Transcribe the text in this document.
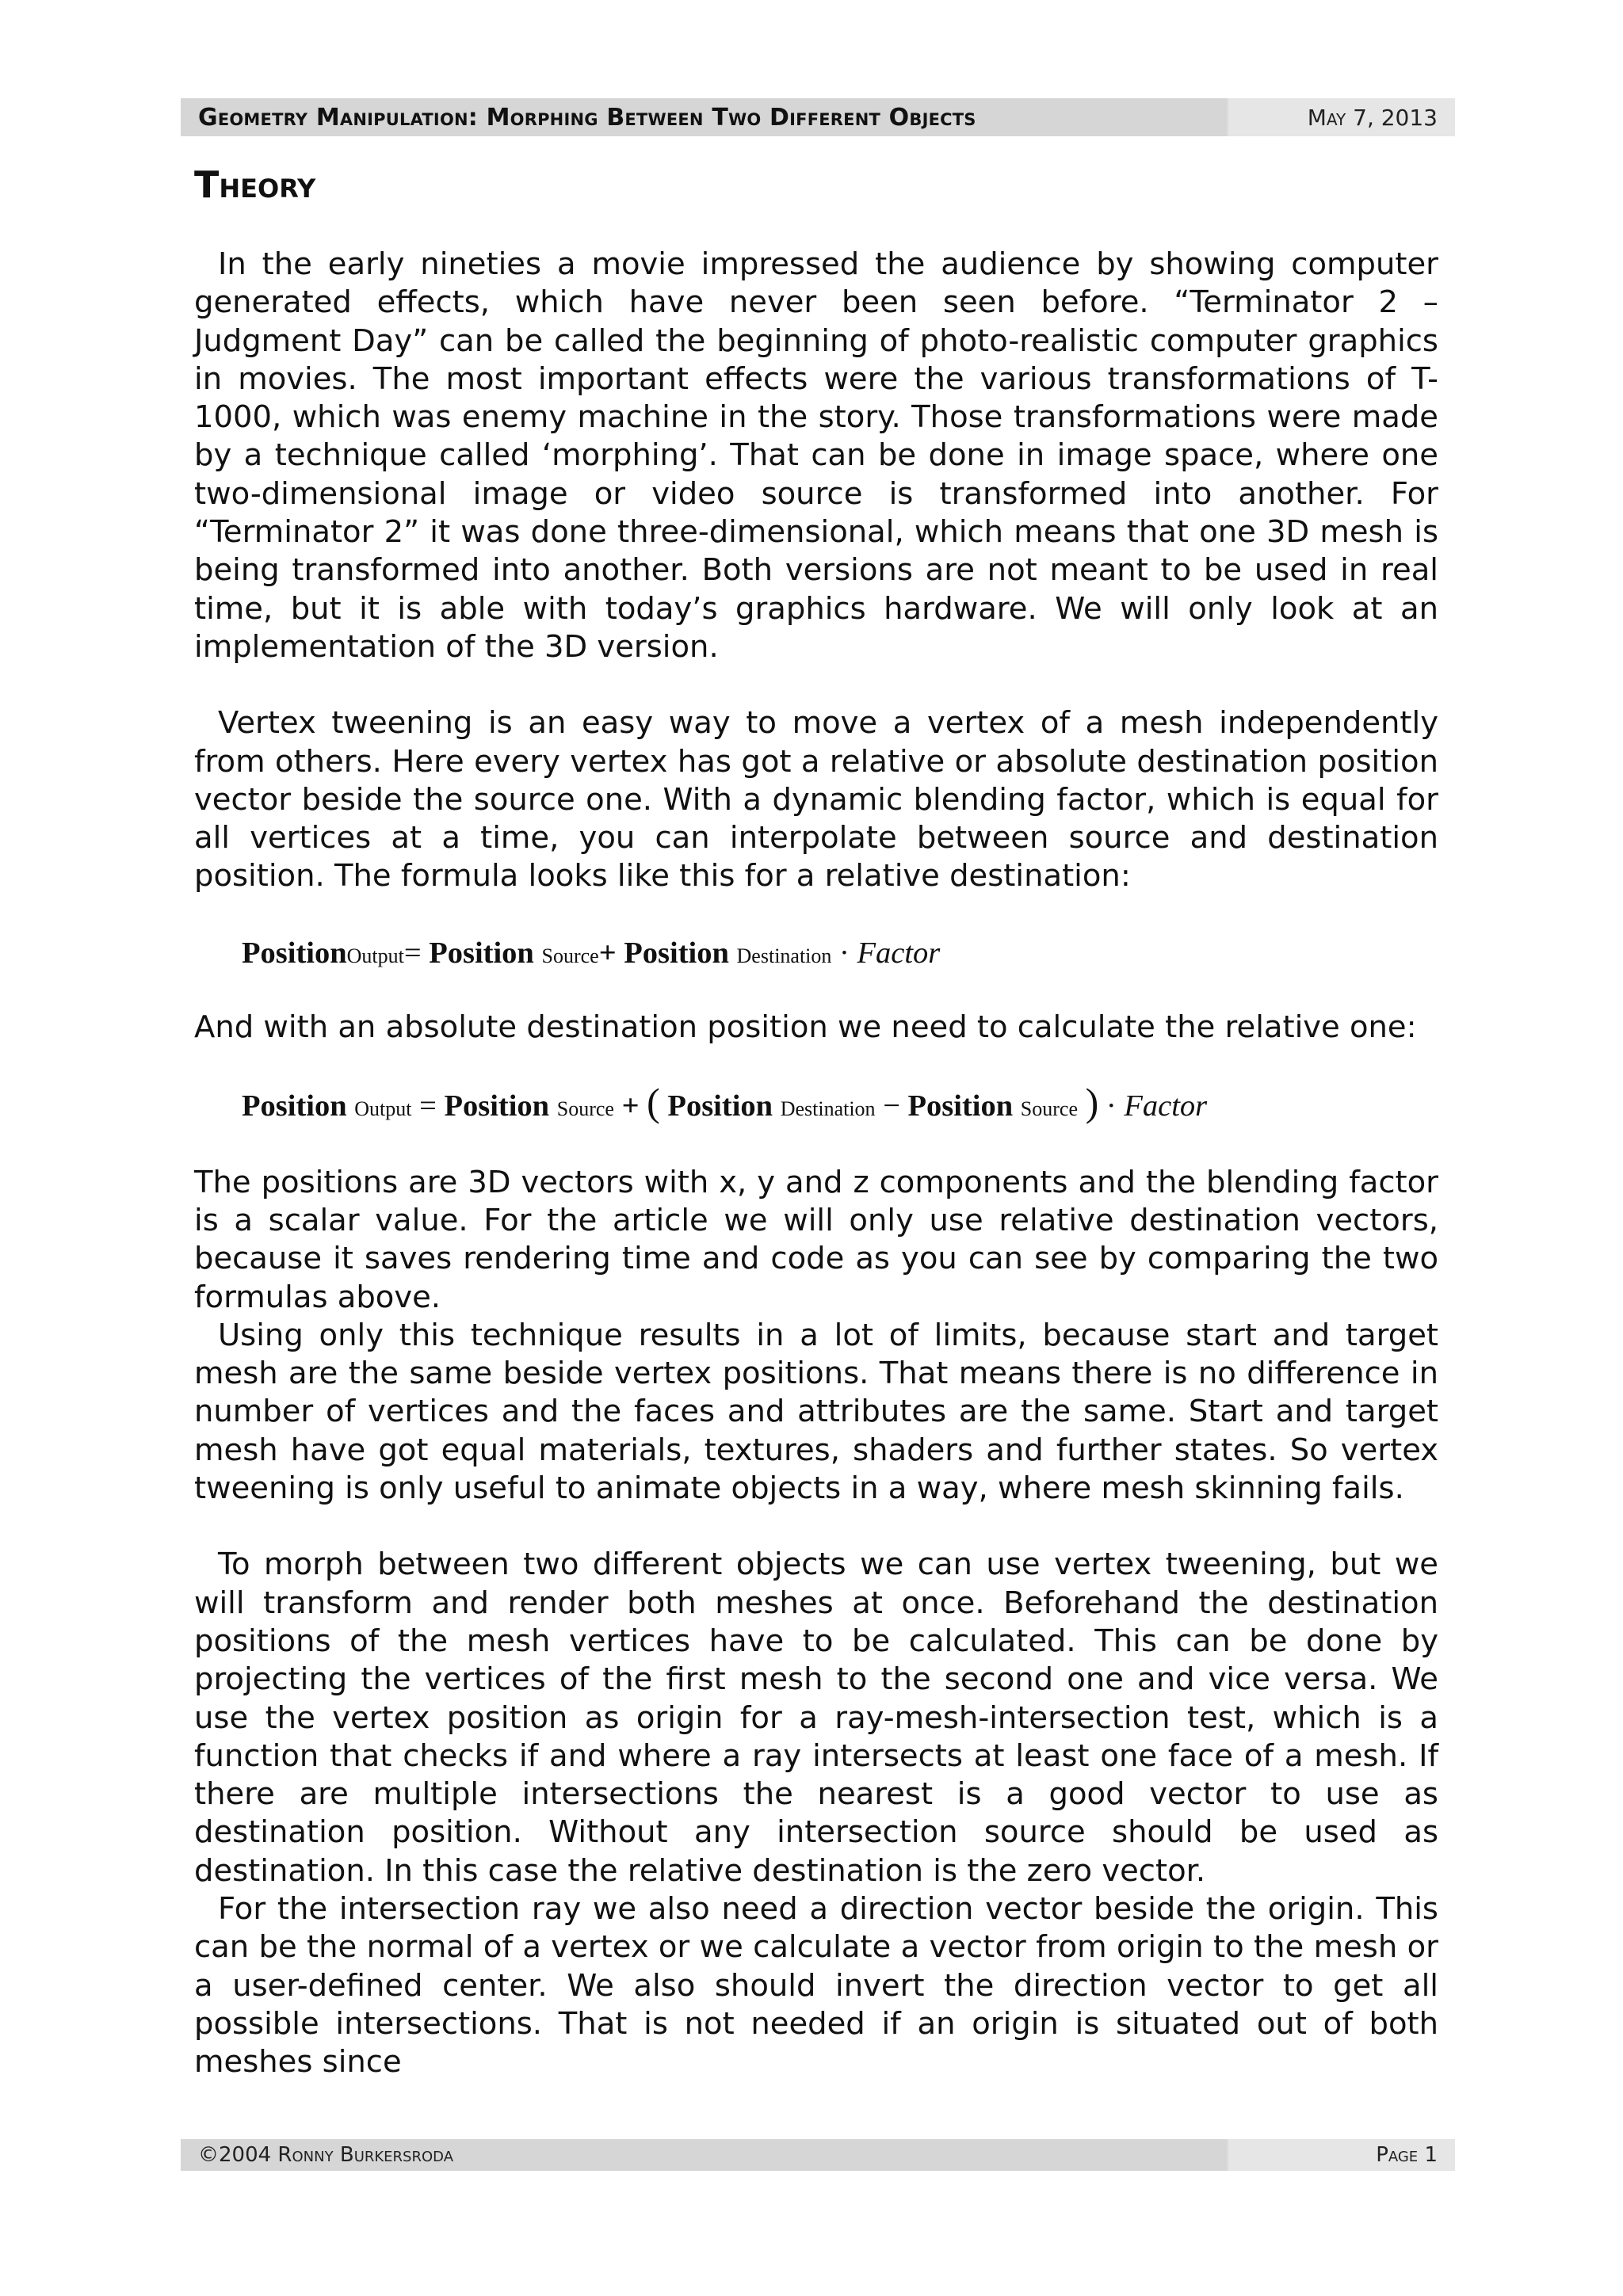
Geometry Manipulation: Morphing Between Two Different Objects	May 7, 2013
Theory

In the early nineties a movie impressed the audience by showing computer generated effects, which have never been seen before. “Terminator 2 – Judgment Day” can be called the beginning of photo-realistic computer graphics in movies. The most important effects were the various transformations of T-1000, which was enemy machine in the story. Those transformations were made by a technique called ‘morphing’. That can be done in image space, where one two-dimensional image or video source is transformed into another. For “Terminator 2” it was done three-dimensional, which means that one 3D mesh is being transformed into another. Both versions are not meant to be used in real time, but it is able with today’s graphics hardware. We will only look at an implementation of the 3D version.

Vertex tweening is an easy way to move a vertex of a mesh independently from others. Here every vertex has got a relative or absolute destination position vector beside the source one. With a dynamic blending factor, which is equal for all vertices at a time, you can interpolate between source and destination position. The formula looks like this for a relative destination:

PositionOutput= Position Source+ Position Destination · Factor

And with an absolute destination position we need to calculate the relative one:

Position Output = Position Source + ( Position Destination − Position Source ) · Factor

The positions are 3D vectors with x, y and z components and the blending factor is a scalar value. For the article we will only use relative destination vectors, because it saves rendering time and code as you can see by comparing the two formulas above.

Using only this technique results in a lot of limits, because start and target mesh are the same beside vertex positions. That means there is no difference in number of vertices and the faces and attributes are the same. Start and target mesh have got equal materials, textures, shaders and further states. So vertex tweening is only useful to animate objects in a way, where mesh skinning fails.

To morph between two different objects we can use vertex tweening, but we will transform and render both meshes at once. Beforehand the destination positions of the mesh vertices have to be calculated. This can be done by projecting the vertices of the first mesh to the second one and vice versa. We use the vertex position as origin for a ray-mesh-intersection test, which is a function that checks if and where a ray intersects at least one face of a mesh. If there are multiple intersections the nearest is a good vector to use as destination position. Without any intersection source should be used as destination. In this case the relative destination is the zero vector.

For the intersection ray we also need a direction vector beside the origin. This can be the normal of a vertex or we calculate a vector from origin to the mesh or a user-defined center. We also should invert the direction vector to get all possible intersections. That is not needed if an origin is situated out of both meshes since

©2004 Ronny Burkersroda	Page 1
